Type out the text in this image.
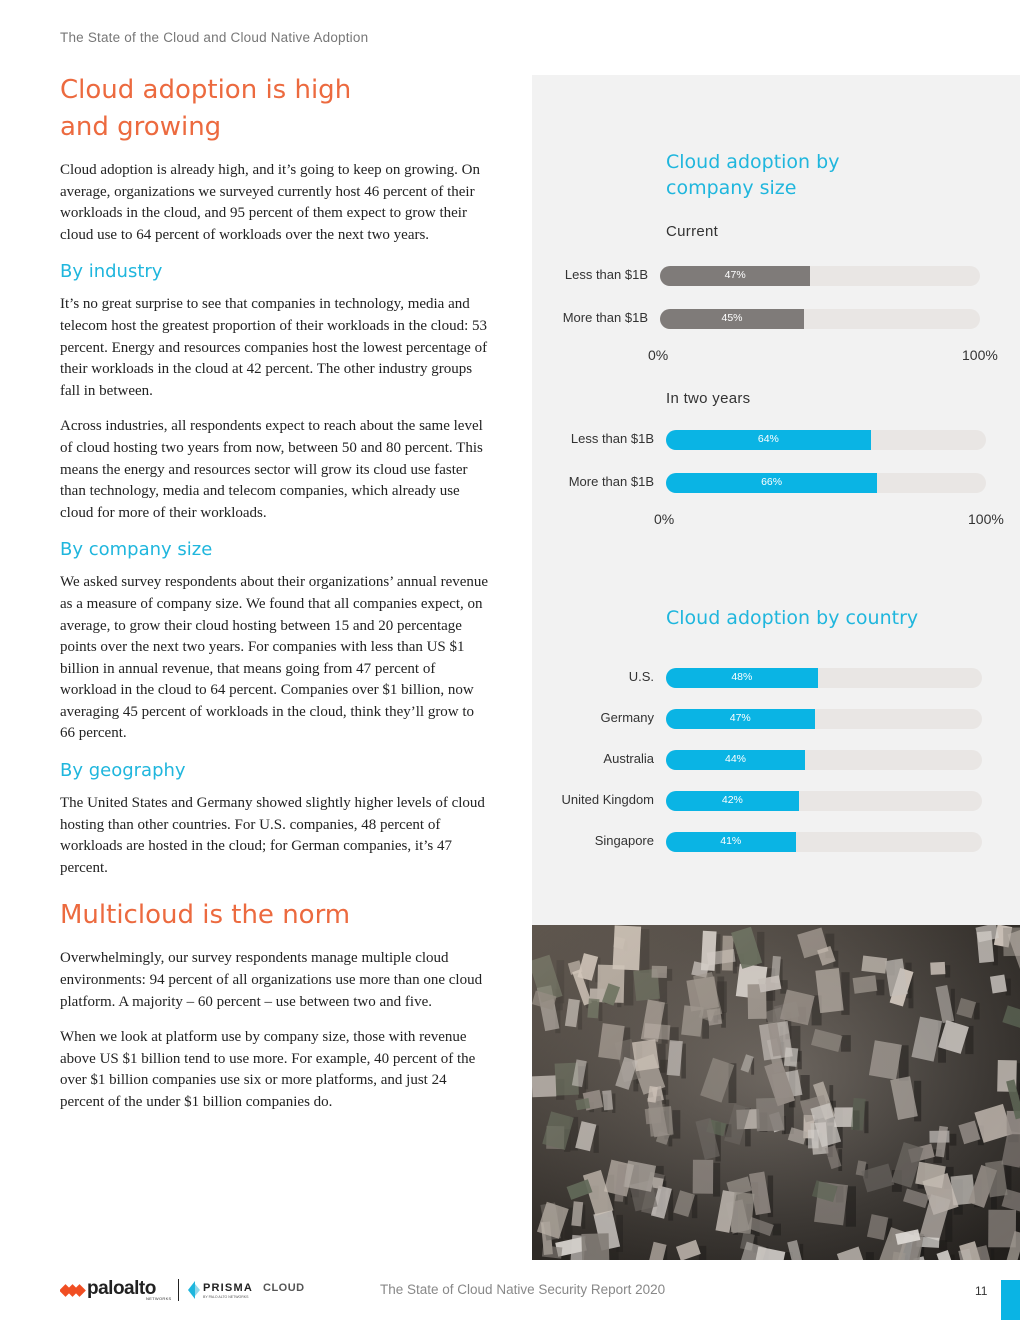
The State of the Cloud and Cloud Native Adoption
Cloud adoption is high and growing

Cloud adoption is already high, and it’s going to keep on growing. On average, organizations we surveyed currently host 46 percent of their workloads in the cloud, and 95 percent of them expect to grow their cloud use to 64 percent of workloads over the next two years.

By industry

It’s no great surprise to see that companies in technology, media and telecom host the greatest proportion of their workloads in the cloud: 53 percent. Energy and resources companies host the lowest percentage of their workloads in the cloud at 42 percent. The other industry groups fall in between.

Across industries, all respondents expect to reach about the same level of cloud hosting two years from now, between 50 and 80 percent. This means the energy and resources sector will grow its cloud use faster than technology, media and telecom companies, which already use cloud for more of their workloads.

By company size

We asked survey respondents about their organizations’ annual revenue as a measure of company size. We found that all companies expect, on average, to grow their cloud hosting between 15 and 20 percentage points over the next two years. For companies with less than US $1 billion in annual revenue, that means going from 47 percent of workload in the cloud to 64 percent. Companies over $1 billion, now averaging 45 percent of workloads in the cloud, think they’ll grow to 66 percent.

By geography

The United States and Germany showed slightly higher levels of cloud hosting than other countries. For U.S. companies, 48 percent of workloads are hosted in the cloud; for German companies, it’s 47 percent.

Multicloud is the norm

Overwhelmingly, our survey respondents manage multiple cloud environments: 94 percent of all organizations use more than one cloud platform. A majority – 60 percent – use between two and five.

When we look at platform use by company size, those with revenue above US $1 billion tend to use more. For example, 40 percent of the over $1 billion companies use six or more platforms, and just 24 percent of the under $1 billion companies do.

Cloud adoption by company size
Current
Less than $1B	47%
More than $1B	45%
0%	100%
In two years
Less than $1B	64%
More than $1B	66%
0%	100%
Cloud adoption by country
U.S.	48%
Germany	47%
Australia	44%
United Kingdom	42%
Singapore	41%
paloalto
NETWORKS
PRISMA CLOUD
BY PALO ALTO NETWORKS	The State of Cloud Native Security Report 2020	11
